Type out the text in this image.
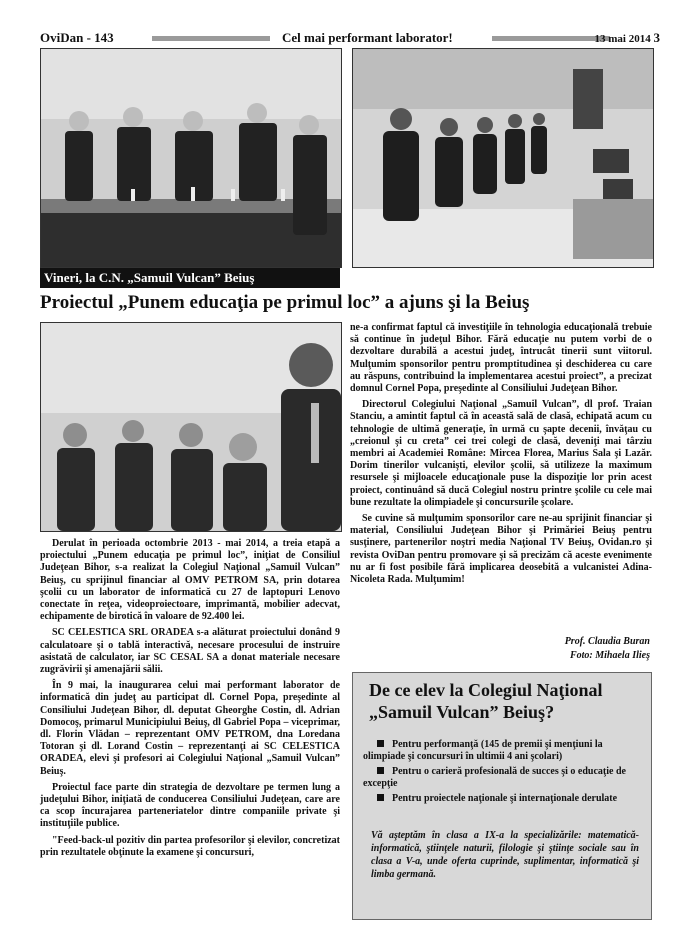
OviDan - 143	Cel mai performant laborator!	13 mai 2014 3
Vineri, la C.N. „Samuil Vulcan” Beiuş
Proiectul „Punem educaţia pe primul loc” a ajuns şi la Beiuş

Derulat în perioada octombrie 2013 - mai 2014, a treia etapă a proiectului „Punem educaţia pe primul loc”, iniţiat de Consiliul Judeţean Bihor, s-a realizat la Colegiul Naţional „Samuil Vulcan” Beiuş, cu sprijinul financiar al OMV PETROM SA, prin dotarea şcolii cu un laborator de informatică cu 27 de laptopuri Lenovo conectate în reţea, videoproiectoare, imprimantă, mobilier adecvat, echipamente de birotică în valoare de 92.400 lei.

SC CELESTICA SRL ORADEA s-a alăturat proiectului donând 9 calculatoare şi o tablă interactivă, necesare procesului de instruire asistată de calculator, iar SC CESAL SA a donat materiale necesare zugrăvirii şi amenajării sălii.

În 9 mai, la inaugurarea celui mai performant laborator de informatică din judeţ au participat dl. Cornel Popa, preşedinte al Consiliului Judeţean Bihor, dl. deputat Gheorghe Costin, dl. Adrian Domocoş, primarul Municipiului Beiuş, dl Gabriel Popa – viceprimar, dl. Florin Vlădan – reprezentant OMV PETROM, dna Loredana Totoran şi dl. Lorand Costin – reprezentanţi ai SC CELESTICA ORADEA, elevi şi profesori ai Colegiului Naţional „Samuil Vulcan” Beiuş.

Proiectul face parte din strategia de dezvoltare pe termen lung a judeţului Bihor, iniţiată de conducerea Consiliului Judeţean, care are ca scop încurajarea parteneriatelor dintre companiile private şi instituţiile publice.

"Feed-back-ul pozitiv din partea profesorilor şi elevilor, concretizat prin rezultatele obţinute la examene şi concursuri,

ne-a confirmat faptul că investiţiile în tehnologia educaţională trebuie să continue în judeţul Bihor. Fără educaţie nu putem vorbi de o dezvoltare durabilă a acestui judeţ, întrucât tinerii sunt viitorul. Mulţumim sponsorilor pentru promptitudinea şi deschiderea cu care au răspuns, contribuind la implementarea acestui proiect”, a precizat domnul Cornel Popa, preşedinte al Consiliului Judeţean Bihor.

Directorul Colegiului Naţional „Samuil Vulcan”, dl prof. Traian Stanciu, a amintit faptul că în această sală de clasă, echipată acum cu tehnologie de ultimă generaţie, în urmă cu şapte decenii, învăţau cu „creionul şi cu creta” cei trei colegi de clasă, deveniţi mai târziu membri ai Academiei Române: Mircea Florea, Marius Sala şi Lazăr. Dorim tinerilor vulcanişti, elevilor şcolii, să utilizeze la maximum resursele şi mijloacele educaţionale puse la dispoziţie lor prin acest proiect, continuând să ducă Colegiul nostru printre şcolile cu cele mai bune rezultate la olimpiadele şi concursurile şcolare.

Se cuvine să mulţumim sponsorilor care ne-au sprijinit financiar şi material, Consiliului Judeţean Bihor şi Primăriei Beiuş pentru susţinere, partenerilor noştri media Naţional TV Beiuş, Ovidan.ro şi revista OviDan pentru promovare şi să precizăm că aceste evenimente nu ar fi fost posibile fără implicarea deosebită a vulcanistei Adina-Nicoleta Rada. Mulţumim!

Prof. Claudia Buran
Foto: Mihaela Ilieş
De ce elev la Colegiul Naţional „Samuil Vulcan” Beiuş?
Pentru performanţă (145 de premii şi menţiuni la olimpiade şi concursuri în ultimii 4 ani şcolari)
Pentru o carieră profesională de succes şi o educaţie de excepţie
Pentru proiectele naţionale şi internaţionale derulate
Vă aşteptăm în clasa a IX-a la specializările: matematică-informatică, ştiinţele naturii, filologie şi ştiinţe sociale sau în clasa a V-a, unde oferta cuprinde, suplimentar, informatică şi limba germană.
